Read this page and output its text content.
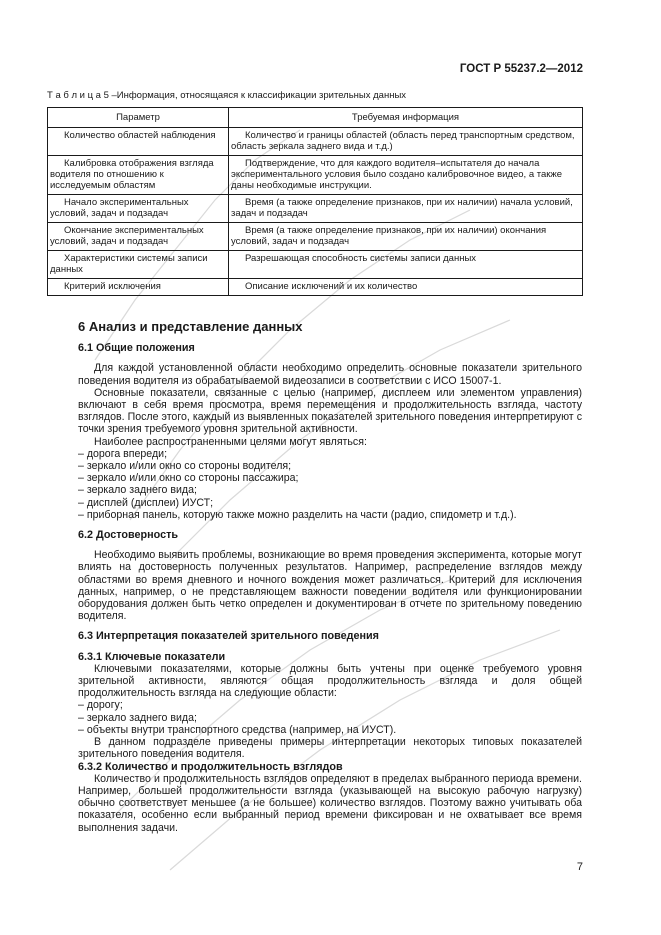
ГОСТ Р 55237.2—2012
Т а б л и ц а 5 –Информация, относящаяся к классификации зрительных данных
Параметр	Требуемая информация
Количество областей наблюдения	Количество и границы областей (область перед транспортным средством, область зеркала заднего вида и т.д.)
Калибровка отображения взгляда водителя по отношению к исследуемым областям	Подтверждение, что для каждого водителя–испытателя до начала экспериментального условия было создано калибровочное видео, а также даны необходимые инструкции.
Начало экспериментальных условий, задач и подзадач	Время (а также определение признаков, при их наличии) начала условий, задач и подзадач
Окончание экспериментальных условий, задач и подзадач	Время (а также определение признаков, при их наличии) окончания условий, задач и подзадач
Характеристики системы записи данных	Разрешающая способность системы записи данных
Критерий исключения	Описание исключений и их количество
6 Анализ и представление данных
6.1 Общие положения

Для каждой установленной области необходимо определить основные показатели зрительного поведения водителя из обрабатываемой видеозаписи в соответствии с ИСО 15007-1.

Основные показатели, связанные с целью (например, дисплеем или элементом управления) включают в себя время просмотра, время перемещения и продолжительность взгляда, частоту взглядов. После этого, каждый из выявленных показателей зрительного поведения интерпретируют с точки зрения требуемого уровня зрительной активности.

Наиболее распространенными целями могут являться:

– дорога впереди;

– зеркало и/или окно со стороны водителя;

– зеркало и/или окно со стороны пассажира;

– зеркало заднего вида;

– дисплей (дисплеи) ИУСТ;

– приборная панель, которую также можно разделить на части (радио, спидометр и т.д.).

6.2 Достоверность

Необходимо выявить проблемы, возникающие во время проведения эксперимента, которые могут влиять на достоверность полученных результатов. Например, распределение взглядов между областями во время дневного и ночного вождения может различаться. Критерий для исключения данных, например, о не представляющем важности поведении водителя или функционировании оборудования должен быть четко определен и документирован в отчете по зрительному поведению водителя.

6.3 Интерпретация показателей зрительного поведения
6.3.1 Ключевые показатели

Ключевыми показателями, которые должны быть учтены при оценке требуемого уровня зрительной активности, являются общая продолжительность взгляда и доля общей продолжительность взгляда на следующие области:

– дорогу;

– зеркало заднего вида;

– объекты внутри транспортного средства (например, на ИУСТ).

В данном подразделе приведены примеры интерпретации некоторых типовых показателей зрительного поведения водителя.

6.3.2 Количество и продолжительность взглядов

Количество и продолжительность взглядов определяют в пределах выбранного периода времени. Например, большей продолжительности взгляда (указывающей на высокую рабочую нагрузку) обычно соответствует меньшее (а не большее) количество взглядов. Поэтому важно учитывать оба показателя, особенно если выбранный период времени фиксирован и не охватывает все время выполнения задачи.

7
